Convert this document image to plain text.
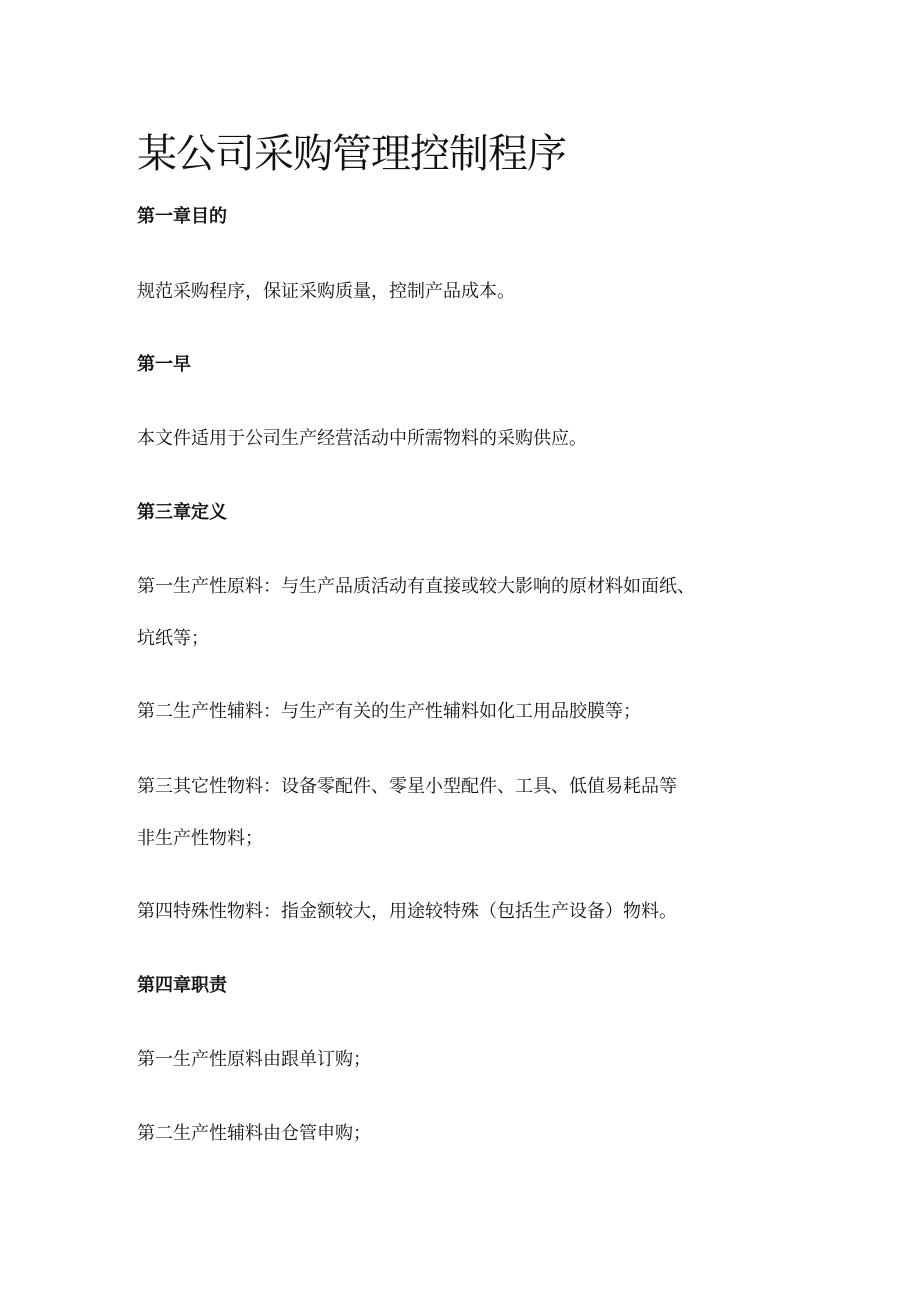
某公司采购管理控制程序

第一章目的

规范采购程序，保证采购质量，控制产品成本。

第一早

本文件适用于公司生产经营活动中所需物料的采购供应。

第三章定义

第一生产性原料：与生产品质活动有直接或较大影响的原材料如面纸、

坑纸等；

第二生产性辅料：与生产有关的生产性辅料如化工用品胶膜等；

第三其它性物料：设备零配件、零星小型配件、工具、低值易耗品等

非生产性物料；

第四特殊性物料：指金额较大，用途较特殊（包括生产设备）物料。

第四章职责

第一生产性原料由跟单订购；

第二生产性辅料由仓管申购；
